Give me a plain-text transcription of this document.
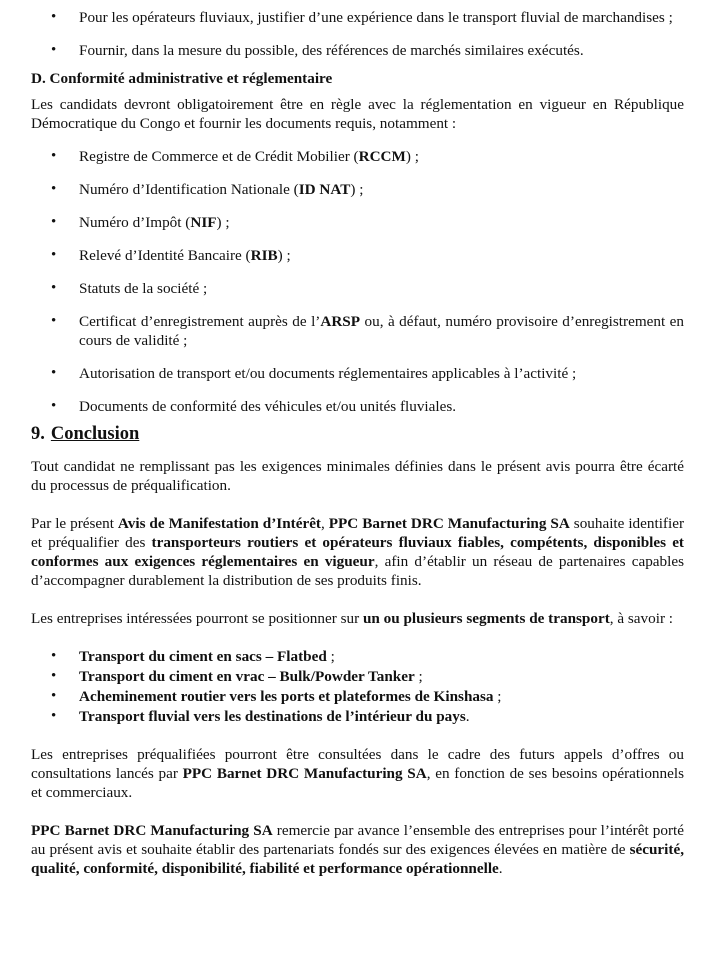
• Pour les opérateurs fluviaux, justifier d’une expérience dans le transport fluvial de marchandises ;
• Fournir, dans la mesure du possible, des références de marchés similaires exécutés.

D. Conformité administrative et réglementaire

Les candidats devront obligatoirement être en règle avec la réglementation en vigueur en République Démocratique du Congo et fournir les documents requis, notamment :

• Registre de Commerce et de Crédit Mobilier (RCCM) ;
• Numéro d’Identification Nationale (ID NAT) ;
• Numéro d’Impôt (NIF) ;
• Relevé d’Identité Bancaire (RIB) ;
• Statuts de la société ;
• Certificat d’enregistrement auprès de l’ARSP ou, à défaut, numéro provisoire d’enregistrement en cours de validité ;
• Autorisation de transport et/ou documents réglementaires applicables à l’activité ;
• Documents de conformité des véhicules et/ou unités fluviales.
9. Conclusion

Tout candidat ne remplissant pas les exigences minimales définies dans le présent avis pourra être écarté du processus de préqualification.

Par le présent Avis de Manifestation d’Intérêt, PPC Barnet DRC Manufacturing SA souhaite identifier et préqualifier des transporteurs routiers et opérateurs fluviaux fiables, compétents, disponibles et conformes aux exigences réglementaires en vigueur, afin d’établir un réseau de partenaires capables d’accompagner durablement la distribution de ses produits finis.

Les entreprises intéressées pourront se positionner sur un ou plusieurs segments de transport, à savoir :

• Transport du ciment en sacs – Flatbed ;
• Transport du ciment en vrac – Bulk/Powder Tanker ;
• Acheminement routier vers les ports et plateformes de Kinshasa ;
• Transport fluvial vers les destinations de l’intérieur du pays.

Les entreprises préqualifiées pourront être consultées dans le cadre des futurs appels d’offres ou consultations lancés par PPC Barnet DRC Manufacturing SA, en fonction de ses besoins opérationnels et commerciaux.

PPC Barnet DRC Manufacturing SA remercie par avance l’ensemble des entreprises pour l’intérêt porté au présent avis et souhaite établir des partenariats fondés sur des exigences élevées en matière de sécurité, qualité, conformité, disponibilité, fiabilité et performance opérationnelle.
